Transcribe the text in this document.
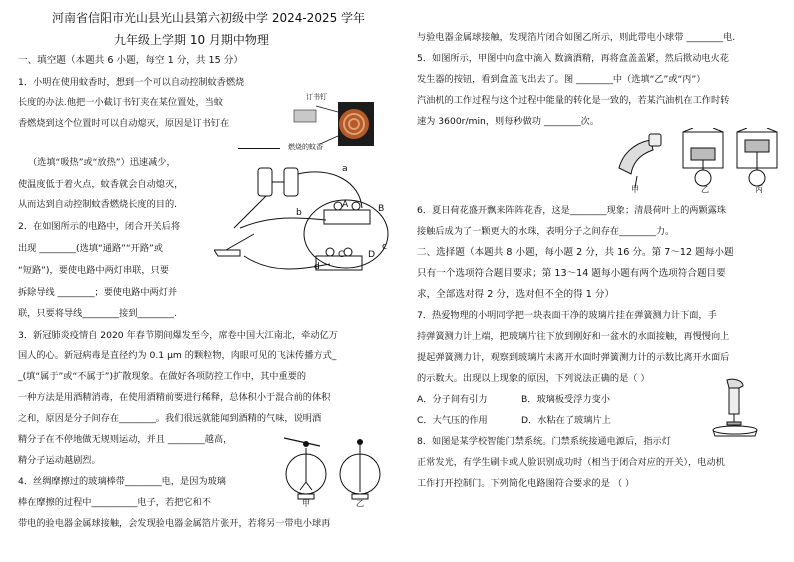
河南省信阳市光山县光山县第六初级中学 2024-2025 学年
九年级上学期 10 月期中物理
一、填空题（本题共 6 小题，每空 1 分，共 15 分）
1．小明在使用蚊香时，想到一个可以自动控制蚊香燃烧
长度的办法.他把一小截订书钉夹在某位置处，当蚊
香燃烧到这个位置时可以自动熄灭，原因是订书钉在
（选填“吸热”或“放热”）迅速减少，
使温度低于着火点，蚊香就会自动熄灭，
从而达到自动控制蚊香燃烧长度的目的.
订书钉
燃烧的蚊香
2．在如图所示的电路中，闭合开关后将
出现 ________(选填“通路”“开路”或
“短路”)，要使电路中两灯串联，只要
拆除导线 ________；要使电路中两灯并
联，只要将导线________接到________.
a
b
c
d
A	B
C	D
3．新冠肺炎疫情自 2020 年春节期间爆发至今，席卷中国大江南北，牵动亿万
国人的心。新冠病毒是直径约为 0.1 μm 的颗粒物，肉眼可见的飞沫传播方式_
_(填“属于”或“不属于”)扩散现象。在做好各项防控工作中，其中重要的
一种方法是用酒精消毒，在使用酒精前要进行稀释，总体积小于混合前的体积
之和，原因是分子间存在________。我们很远就能闻到酒精的气味，说明酒
精分子在不停地做无规则运动，并且 ________越高，
精分子运动越剧烈。
甲	乙
4．丝绸摩擦过的玻璃棒带________电，是因为玻璃
棒在摩擦的过程中__________电子，若把它和不
带电的验电器金属球接触，会发现验电器金属箔片张开，若将另一带电小球再
与验电器金属球接触，发现箔片闭合如图乙所示，则此带电小球带 ________电.
5．如图所示，甲图中向盒中滴入 数滴酒精，再将盒盖盖紧，然后揿动电火花
发生器的按钮，看到盒盖飞出去了。图 ________中（选填“乙”或“丙”）
汽油机的工作过程与这个过程中能量的转化是一致的，若某汽油机在工作时转
速为 3600r/min，则每秒做功 ________次。
甲	乙	丙
6．夏日荷花盛开飘来阵阵花香，这是________现象；清晨荷叶上的两颗露珠
接触后成为了一颗更大的水珠，表明分子之间存在________力。
二、选择题（本题共 8 小题，每小题 2 分，共 16 分。第 7～12 题每小题
只有一个选项符合题目要求；第 13～14 题每小题有两个选项符合题目要
求，全部选对得 2 分，选对但不全的得 1 分）
7．热爱物理的小明同学把一块表面干净的玻璃片挂在弹簧测力计下面，手
持弹簧测力计上端，把玻璃片往下放到刚好和一盆水的水面接触，再慢慢向上
提起弹簧测力计，观察到玻璃片未离开水面时弹簧测力计的示数比离开水面后
的示数大。出现以上现象的原因，下列说法正确的是（ ）
A．分子间有引力	B．玻璃板受浮力变小
C．大气压的作用	D．水粘在了玻璃片上
8．如图是某学校智能门禁系统。门禁系统接通电源后，指示灯
正常发光，有学生刷卡或人脸识别成功时（相当于闭合对应的开关），电动机
工作打开控制门。下列简化电路图符合要求的是 （ ）
